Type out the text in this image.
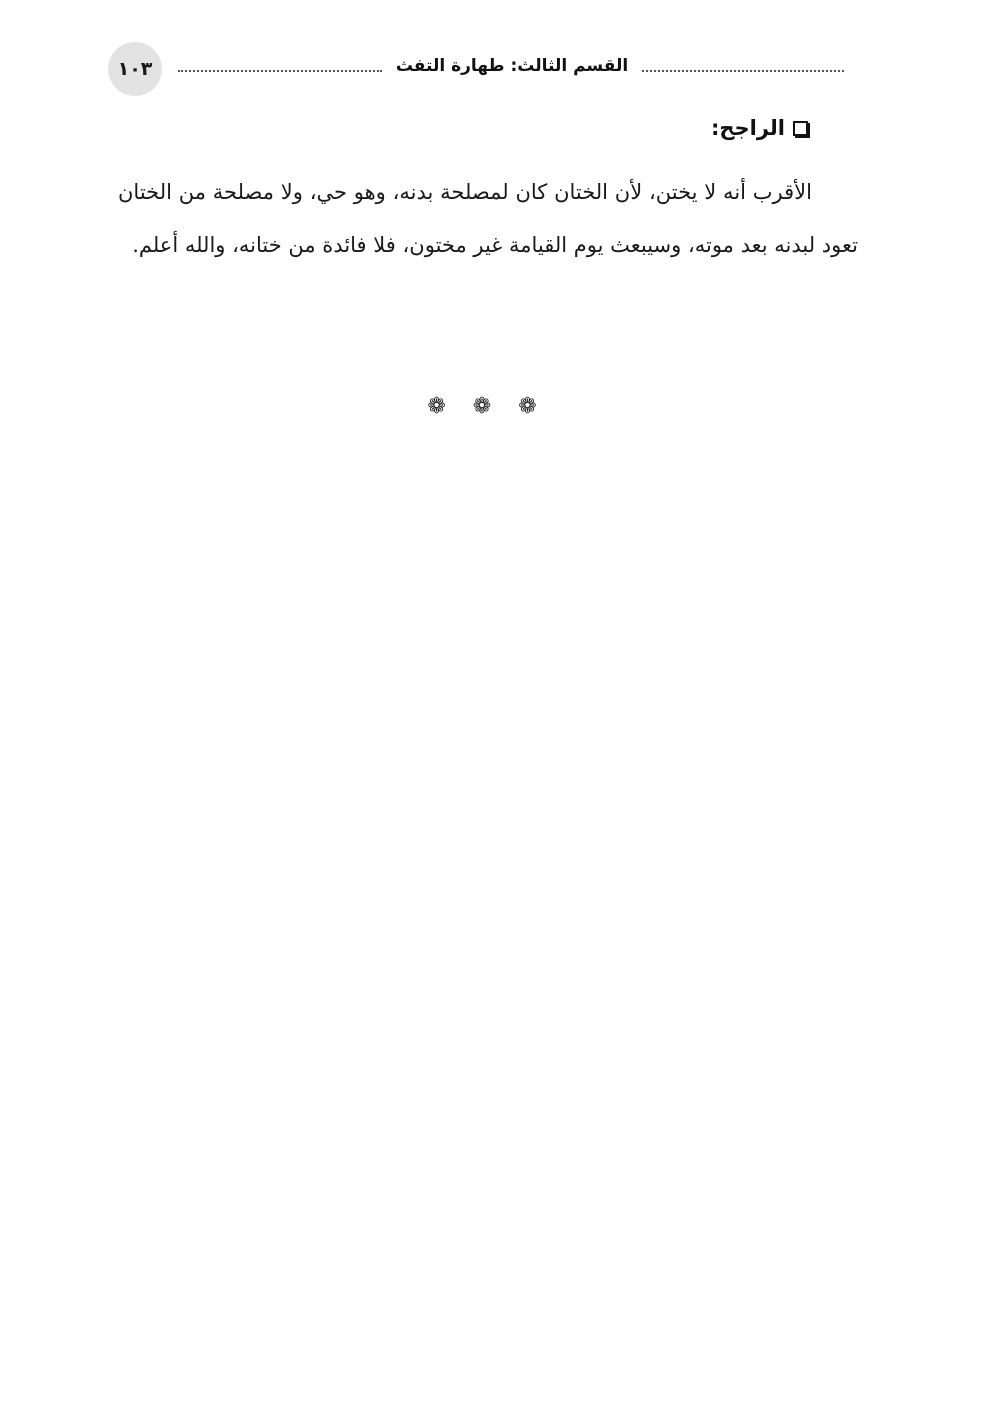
١٠٣	القسم الثالث: طهارة التفث
الراجح:

الأقرب أنه لا يختن، لأن الختان كان لمصلحة بدنه، وهو حي، ولا مصلحة من الختان تعود لبدنه بعد موته، وسيبعث يوم القيامة غير مختون، فلا فائدة من ختانه، والله أعلم.

❁ ❁ ❁
